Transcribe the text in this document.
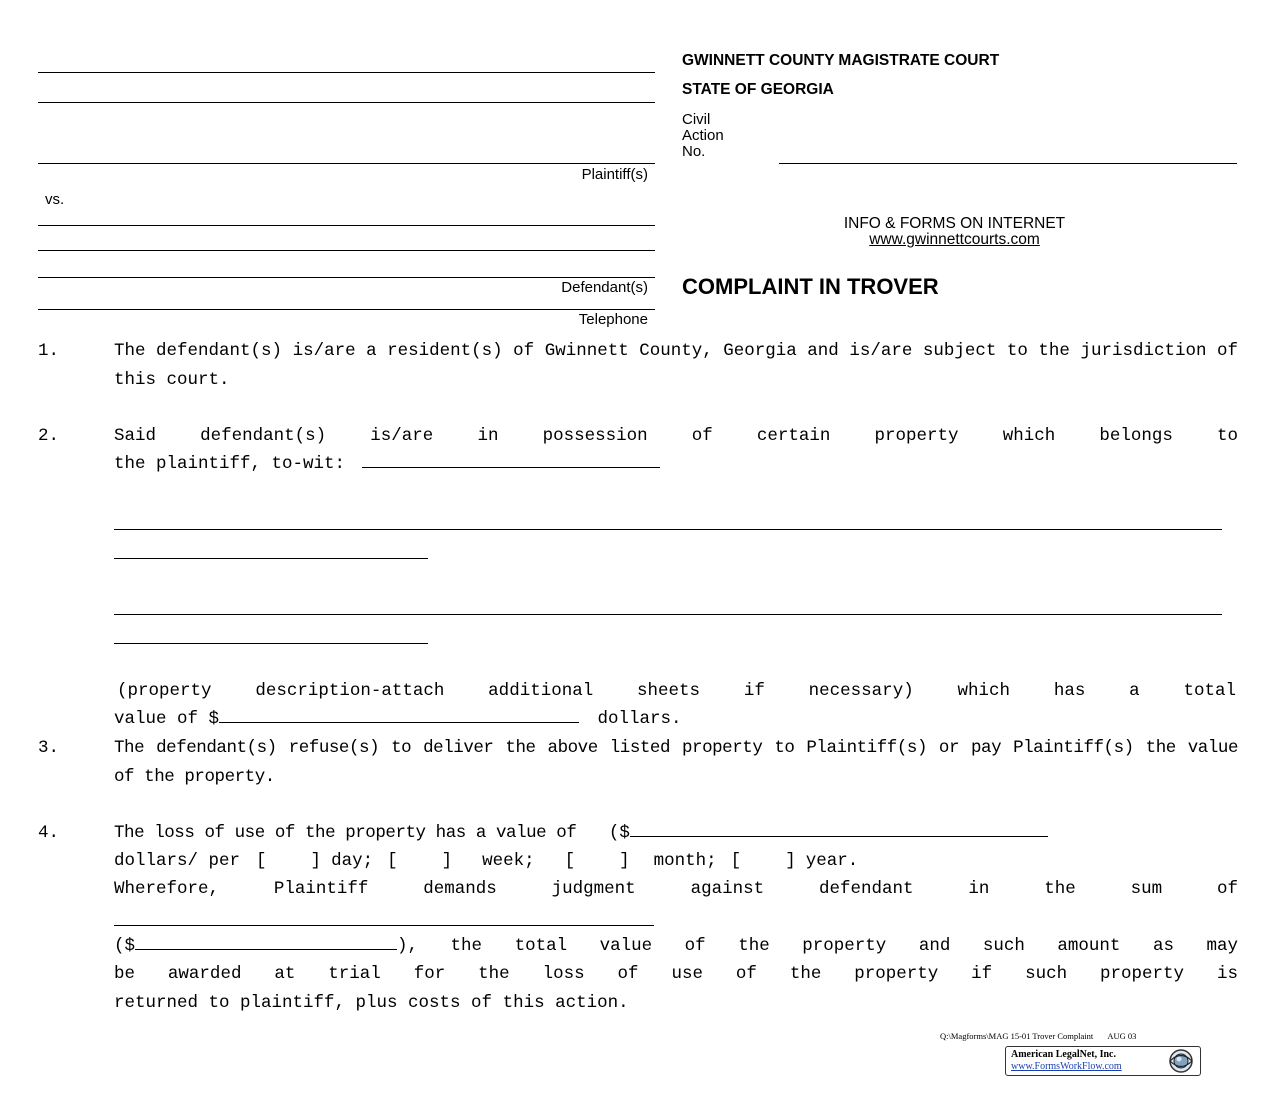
Plaintiff(s)
vs.
Defendant(s)
Telephone
GWINNETT COUNTY MAGISTRATE COURT
STATE OF GEORGIA
Civil
Action
No.
INFO & FORMS ON INTERNET
www.gwinnettcourts.com
COMPLAINT IN TROVER
1.	The defendant(s) is/are a resident(s) of Gwinnett County, Georgia and is/are subject to the jurisdiction of this court.
2.	Said defendant(s) is/are in possession of certain property which belongs to
the plaintiff, to-wit:
(property description-attach additional sheets if necessary) which has a total
value of $	dollars.
3.	The defendant(s) refuse(s) to deliver the above listed property to Plaintiff(s) or pay Plaintiff(s) the value of the property.
4.	The loss of use of the property has a value of ($
dollars/ per [	] day; [	] week; [	] month; [	] year.
Wherefore, Plaintiff demands judgment against defendant in the sum of
($	), the total value of the property and such amount as may
be awarded at trial for the loss of use of the property if such property is
returned to plaintiff, plus costs of this action.
Q:\Magforms\MAG 15-01 Trover Complaint AUG 03
American LegalNet, Inc.
www.FormsWorkFlow.com
